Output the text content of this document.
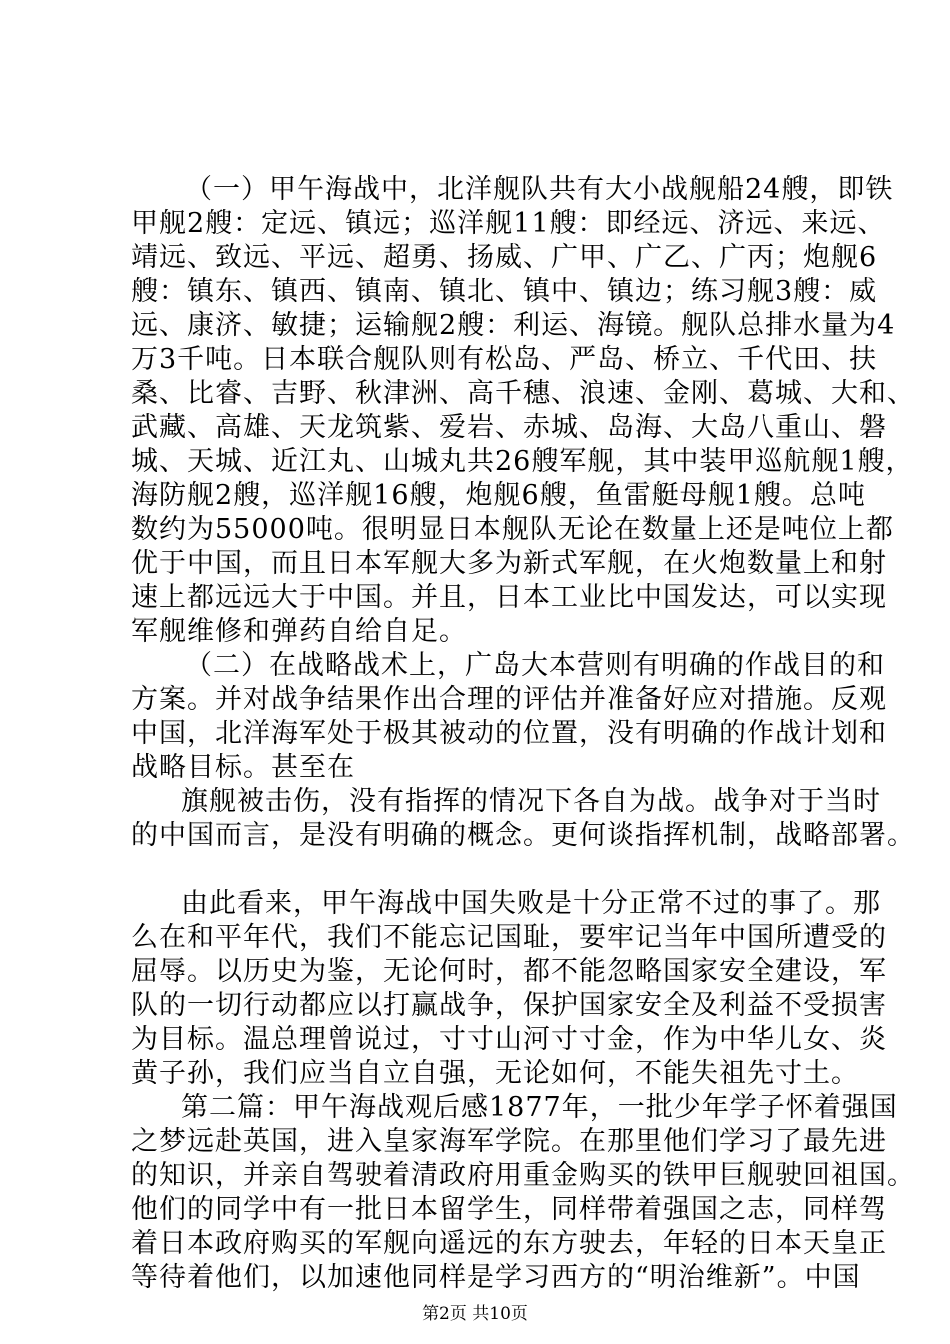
（一）甲午海战中，北洋舰队共有大小战舰船24艘，即铁
甲舰2艘：定远、镇远；巡洋舰11艘：即经远、济远、来远、
靖远、致远、平远、超勇、扬威、广甲、广乙、广丙；炮舰6
艘：镇东、镇西、镇南、镇北、镇中、镇边；练习舰3艘：威
远、康济、敏捷；运输舰2艘：利运、海镜。舰队总排水量为4
万3千吨。日本联合舰队则有松岛、严岛、桥立、千代田、扶
桑、比睿、吉野、秋津洲、高千穗、浪速、金刚、葛城、大和、
武藏、高雄、天龙筑紫、爱岩、赤城、岛海、大岛八重山、磐
城、天城、近江丸、山城丸共26艘军舰，其中装甲巡航舰1艘，
海防舰2艘，巡洋舰16艘，炮舰6艘，鱼雷艇母舰1艘。总吨
数约为55000吨。很明显日本舰队无论在数量上还是吨位上都
优于中国，而且日本军舰大多为新式军舰，在火炮数量上和射
速上都远远大于中国。并且，日本工业比中国发达，可以实现
军舰维修和弹药自给自足。
（二）在战略战术上，广岛大本营则有明确的作战目的和
方案。并对战争结果作出合理的评估并准备好应对措施。反观
中国，北洋海军处于极其被动的位置，没有明确的作战计划和
战略目标。甚至在
旗舰被击伤，没有指挥的情况下各自为战。战争对于当时
的中国而言，是没有明确的概念。更何谈指挥机制，战略部署。
由此看来，甲午海战中国失败是十分正常不过的事了。那
么在和平年代，我们不能忘记国耻，要牢记当年中国所遭受的
屈辱。以历史为鉴，无论何时，都不能忽略国家安全建设，军
队的一切行动都应以打赢战争，保护国家安全及利益不受损害
为目标。温总理曾说过，寸寸山河寸寸金，作为中华儿女、炎
黄子孙，我们应当自立自强，无论如何，不能失祖先寸土。
第二篇：甲午海战观后感1877年，一批少年学子怀着强国
之梦远赴英国，进入皇家海军学院。在那里他们学习了最先进
的知识，并亲自驾驶着清政府用重金购买的铁甲巨舰驶回祖国。
他们的同学中有一批日本留学生，同样带着强国之志，同样驾
着日本政府购买的军舰向遥远的东方驶去，年轻的日本天皇正
等待着他们，以加速他同样是学习西方的“明治维新”。中国
第2页 共10页
